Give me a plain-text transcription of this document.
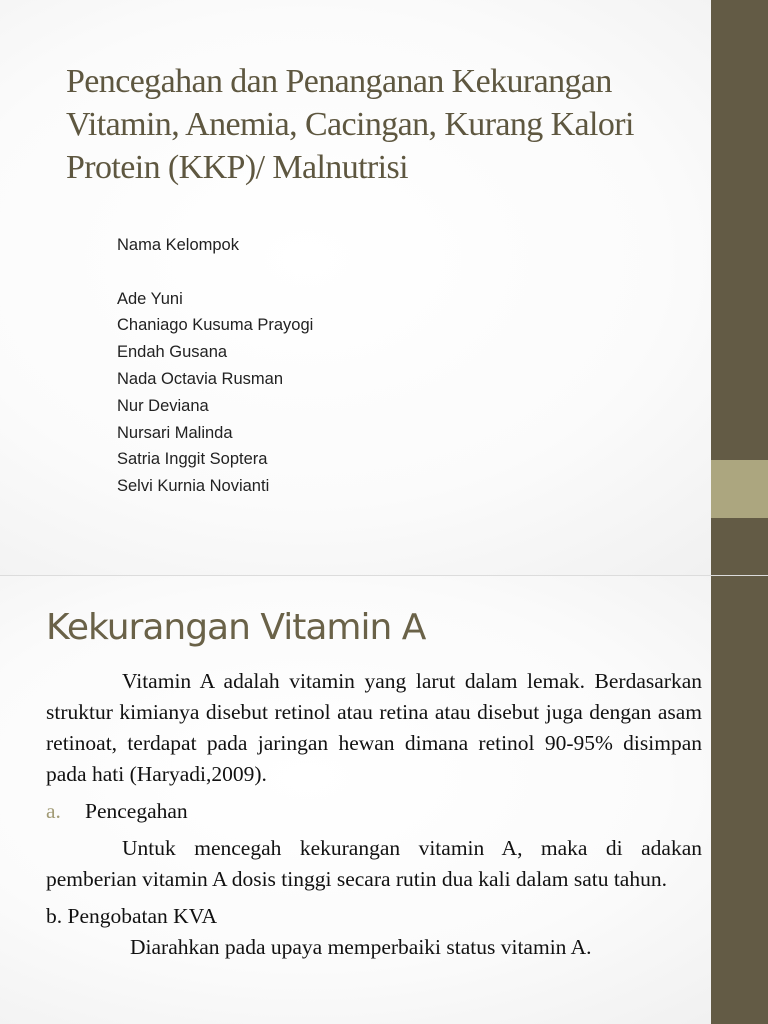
Pencegahan dan Penanganan Kekurangan Vitamin, Anemia, Cacingan, Kurang Kalori Protein (KKP)/ Malnutrisi
Nama Kelompok
Ade Yuni
Chaniago Kusuma Prayogi
Endah Gusana
Nada Octavia Rusman
Nur Deviana
Nursari Malinda
Satria Inggit Soptera
Selvi Kurnia Novianti
Kekurangan Vitamin A

Vitamin A adalah vitamin yang larut dalam lemak. Berdasarkan struktur kimianya disebut retinol atau retina atau disebut juga dengan asam retinoat, terdapat pada jaringan hewan dimana retinol 90-95% disimpan pada hati (Haryadi,2009).

a. Pencegahan

Untuk mencegah kekurangan vitamin A, maka di adakan pemberian vitamin A dosis tinggi secara rutin dua kali dalam satu tahun.

b. Pengobatan KVA

Diarahkan pada upaya memperbaiki status vitamin A.
